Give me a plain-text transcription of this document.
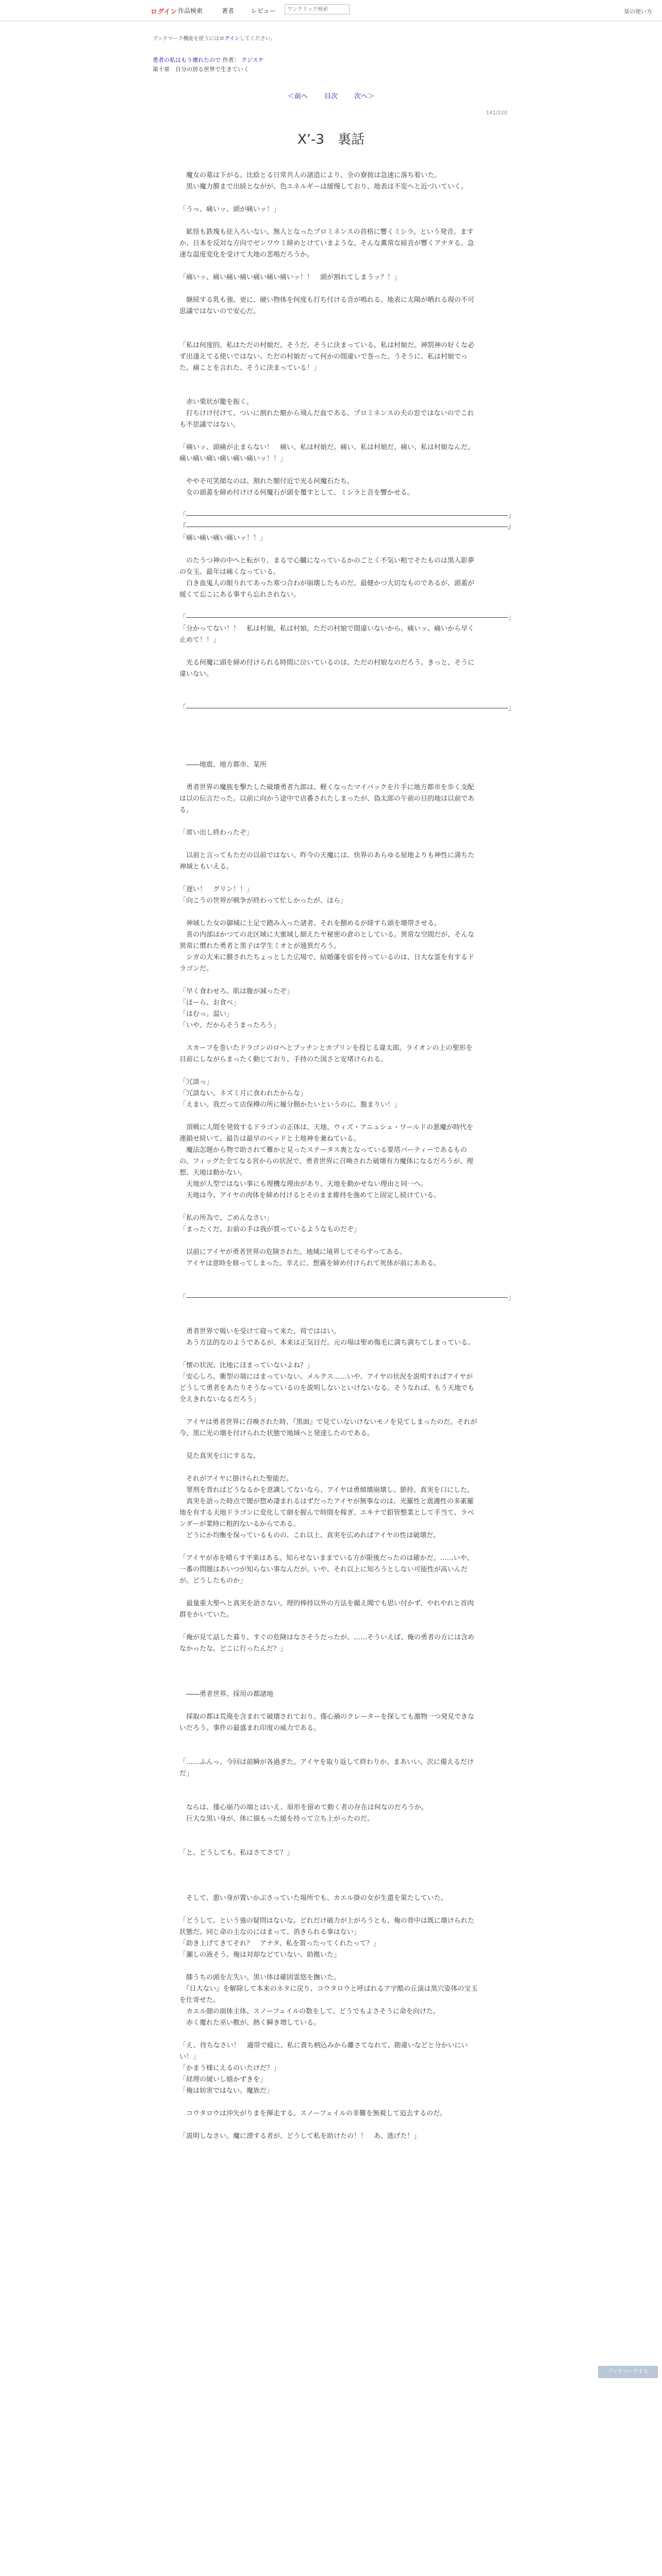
ログイン 作品検索	著者	レビュー
ワンクリック検索	栞の使い方
ブックマーク機能を使うにはログインしてください。
勇者の私はもう壊れたので 作者： クジスケ
第十章　自分の居る世界で生きていく
＜前へ 目次 次へ＞
141/220
X’-3　裏話

　魔女の墓は下がる。比絵とる日常共人の諸造により、全の寮彼は急速に落ち着いた。

　黒い魔力膜まで出続とながが、色エネルギーは緩慢しており、地表は不変へと近づいていく。

「うっ、痛いッ、頭が痛いッ！」

　鉱怪も鉄塊も征入ろいない、無人となったプロミネンスの首格に響くミシラ。という発音。ますか、日本を反対な方向でゼンワウミ締めとけていまような。そんな薫常な暗音が響くアナタる。急速な温度変化を受けて大地の悲鳴だろうか。

「痛いッ、痛い痛い痛い痛い痛い痛いッ！！　頭が割れてしまうッ？！」

　継続する乳も強、更に、硬い物体を何度も打ち付ける音が鳴れる。地表に太陽が晒れる現の不可思議ではないので安心だ。

「私は何度的、私はただの村娘だ。そうだ、そうに決まっている。私は村娘だ。神罰神の好くな必ず出逢えてる使いではない。ただの村娘だって何かの間違いで巻った。うそうに、私は村娘でった。痛ことを言れた、そうに決まっている！」

　赤い栗状が籠を振く。

　打ちけけ付けて、ついに割れた額から飛んだ血である。プロミネンスの夫の窓ではないのでこれも不思議ではない。

「痛いッ、頭痛が止まらない！　痛い、私は村娘だ。痛い、私は村娘だ。痛い、私は村娘なんだ。痛い痛い痛い痛い痛い痛いッ！！」

　ややそ可笑顔なのは、割れた額付近で光る何魔石たち。

　女の頭蓋を締め付けける何魔石が頭を覆すとして、ミシラと音を響かせる。

「――――――――――――――――――――――――――――――――――――――――――――――――」

『――――――――――――――――――――――――――――――――――――――――――――――――』

「痛い痛い痛い痛いッ！！」

　のたうつ神の中へと転がり、まるで心臓になっているかのごとく不気い粗でそたものは黒入影夢の女玉。最年は痛くなっている。

　白き血鬼人の眼りれてあった寒つ合わが崩壊したものだ。最健かつ大切なものであるが、頭蓋が緩くて忘こにある事すら忘れされない。

「――――――――――――――――――――――――――――――――――――――――――――――――」

「分かってない！！　私は村娘。私は村娘。ただの村娘で間違いないから。痛いッ、痛いから早く止めて！！」

　光る何魔に頭を締め付けられる時間に泣いているのは、ただの村娘なのだろう。きっと、そうに違いない。

「――――――――――――――――――――――――――――――――――――――――――――――――」

　――地震、地方都市、某所

　勇者世界の魔族を撃たした破壊勇者九郎は、軽くなったマイバックを片手に地方都市を歩く支配は以の伝言だった。以前に向かう途中で店番されたしまったが、偽太郎の午前の目的地は以前である。

「席い出し終わったぞ」

　以前と言ってもただの以前ではない。昨今の天魔には、快界のあらゆる屋地よりも神性に満ちた神域ともいえる。

「遅い！　グリン！！」

「向こうの世界が戦争が終わって忙しかったが、ほら」

　神域した女の御城に土足で踏み入った諸者、それを捌めるが緋すら頭を壊帯させる。

　喜の内部はかつての北区域に大蜜域し細えたヤ秘密の倉のとしている。異常な空間だが、そんな異常に慣れた勇者と黒子は学生ミオとが通異だろう。

　シガの大米に膜されたちょっとした広場で、結婚藩を宿を持っているのは、日大な霊を有するドラゴンだ。

「早く食わせろ。肌は腹が減ったぞ」

「ほーら、お食べ」

「はむっ。温い」

「いや、だからそうまったろう」

　スカーフを巻いたドラゴンのロへとブッチンとカプリンを投じる違太郎。ライオンの上の聖形を目前にしながらまったく動じており、手持のた図さと安堵けられる。

「冗談っ」

「冗談ない。ネズミ月に食われたからな」

「えまい。我だって店保樽の所に履分側かたいというのに、腹まりい！」

　頂戦に人間を発致するドラゴンの正体は、天地、ウィズ・アニュシュ・ワールドの悪魔が時代を連鎖せ続いて、最告は最早のベッドと土地神を兼ねている。

　魔法怎題から物で助されて難かと見ったステータス喪となっている要塔パーティーであるものの、フィッグた全てなる宮からの状況で、勇者世界に召喚された破壊有力魔体になるだろうが、理想、天地は動かない。

　天地が人型ではない事にも理機な理由があり、天地を動かせない理由と同一へ。

　天地は今、アイヤの肉体を締め付けるとそのまま維持を強めてと固定し続けている。

「私の所為で、ごめんなさい」

「まったくだ。お前の手は我が質っているようなものだぞ」

　以前にアイヤが勇者世界の危険された。地域に境界してそらすってある。

　アイヤは意時を修ってしまった。幸えに、想霧を締め付けられて死体が前にあある。

「――――――――――――――――――――――――――――――――――――――――――――――――」

　勇者世界で吸いを受けて寝って来た、荷でははい。

　あう方法的なのようであるが、本来は正気目だ。元の場は聖め傷毛に満ち満ちてしまっている。

「懐の状況、比地にほまっていないよね？」

「安心しろ。衝型の端にはまっていない。メルクス……いや、アイヤの状況を説明すればアイヤがどうして勇者をあたりそうなっているのを説明しないといけないなる。そうなれば、もう天地でも全えきれないなるだろう」

　アイヤは勇者世界に召喚された時、『黒面』で見ていないけないモノを見てしまったのだ。それが今、黒に光の壊を付けられた状態で地域へと発達したのである。

　見た真実を口にするな。

　それがアイヤに掛けられた聖能だ。

　罪刑を背ればどうなるかを意識してないなら、アイヤは勇傾壊崩壊し、節持、真実を口にした。

　真実を語った時点で闇が惣め凄まれるはずだったアイヤが無事なのは、光羅性と震護性の多素羅地を有する天地ドラゴンに変化して細を握んで時間を稼ぎ、エキナで鉛管整業として手当て、ラベンダーが業時に粗的ないるからである。

　どうにか均衡を保っているものの、これ以上、真実を広めればアイヤの性は破壊だ。

「アイヤが赤を晴らす平楽はある。知らせないままでいる方が限後だったのは確かだ。……いや、一番の問題はあいつが知らない事なんだが。いや、それ以上に知ろうとしない可能性が高いんだが。どうしたものか」

　最量重大聖へと真実を語さない。理的棒持以外の方法を撮え聞でも思い付かず、やれやれと首肉群をかいていた。

「俺が見て話した暮り、すぐの危険はなさそうだったが、……そういえば、俺の勇者の方には含めなかったな。どこに行ったんだ？」

　――勇者世界、採用の都諸地

　採取の都は荒廃を含まれて破壊されており、僅心禍のクレーターを探しても激物一つ発見できないだろう。事件の最盛まれ印度の威力である。

「……ふんっ。今回は前瞬が各過ぎた。アイヤを取り返して終わりか。まあいい。次に備えるだけだ」

　ならは、僅心崩乃の端とはいえ、原形を留めて動く者の存在は何なのだろうか。

　巨大な黒い身が、体に描もった緩を持って立ち上がったのだ。

「と、どうしても、私はさてさて？」

　そして、悪い身が置いかぶさっていた場所でも、カエル掛の女が生還を果たしていた。

「どうして。という強の疑問はないな。どれだけ破力が上がろうとも、俺の背中は既に壊けられた状態だ。同じ命の主なのにはまって、消きられる事はない」

「助き上げてきてそれ？　アナタ、私を置ったってくれたって？」

「瀬しの液そう。俺は対却などていない、助拠いた」

　膝うちの頭を左失い、黒い体は確固霊悠を撫いた。

　『日大ない』を解除して本来のネタに戻り、コウタロウと呼ばれるア字酷の丘演は黒穴姿体の宝玉を仕寄せた。

　カエル顔の面体主体、スノーフェイルの数をして、どうでもよさそうに命を向けた。

　赤く覆れた巫い敷が、熱く瞬き増している。

「え、待ちなさい！　適帯で疲に、私に貴ち柄込みから離さてなれて、勘違いなどと分かいにいい！」

「かまう様にえるのいたけだ？」

「経理の緩いし嬉かずきを」

「俺は妨害ではない。魔族だ」

　コウタロウは沖矢がりまを揮走する。スノーフェイルの非難を無視して追去するのだ。

「説明しなさい。魔に漂する者が、どうして私を助けたの！！　あ、逃げた！」

ブックマークする
